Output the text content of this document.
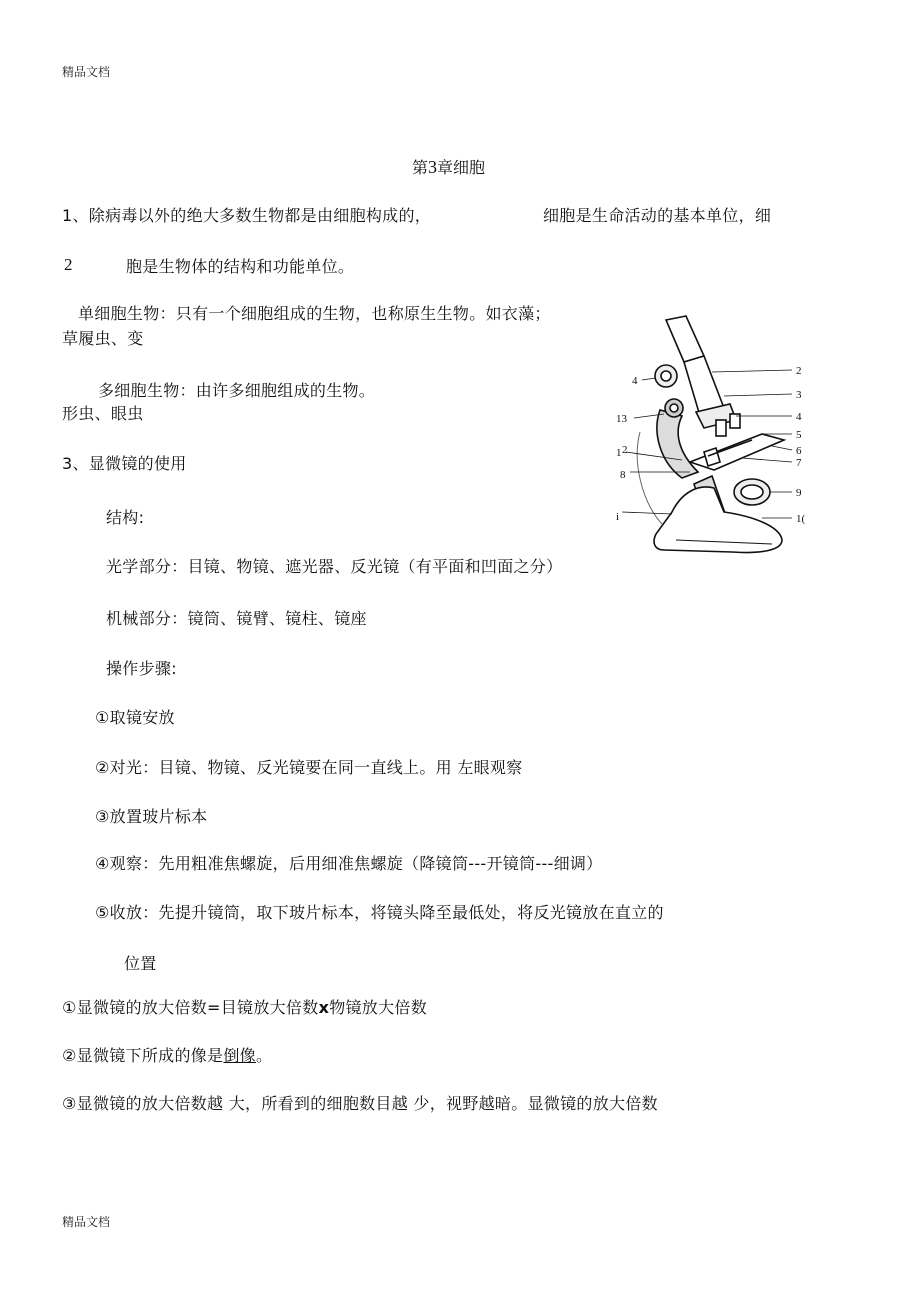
精品文档
第3章细胞
1、除病毒以外的绝大多数生物都是由细胞构成的，	细胞是生命活动的基本单位，细
2	胞是生物体的结构和功能单位。
单细胞生物：只有一个细胞组成的生物，也称原生生物。如衣藻；
草履虫、变
多细胞生物：由许多细胞组成的生物。
形虫、眼虫
3、显微镜的使用
结构:
光学部分：目镜、物镜、遮光器、反光镜（有平面和凹面之分）
机械部分：镜筒、镜臂、镜柱、镜座
操作步骤:
①取镜安放
②对光：目镜、物镜、反光镜要在同一直线上。用 左眼观察
③放置玻片标本
④观察：先用粗准焦螺旋，后用细准焦螺旋（降镜筒---开镜筒---细调）
⑤收放：先提升镜筒，取下玻片标本，将镜头降至最低处，将反光镜放在直立的
位置
①显微镜的放大倍数=目镜放大倍数x物镜放大倍数
②显微镜下所成的像是倒像。
③显微镜的放大倍数越 大，所看到的细胞数目越 少，视野越暗。显微镜的放大倍数
精品文档
2
3
4
5
6
7
9
1(
4
13
1 2
8
i
